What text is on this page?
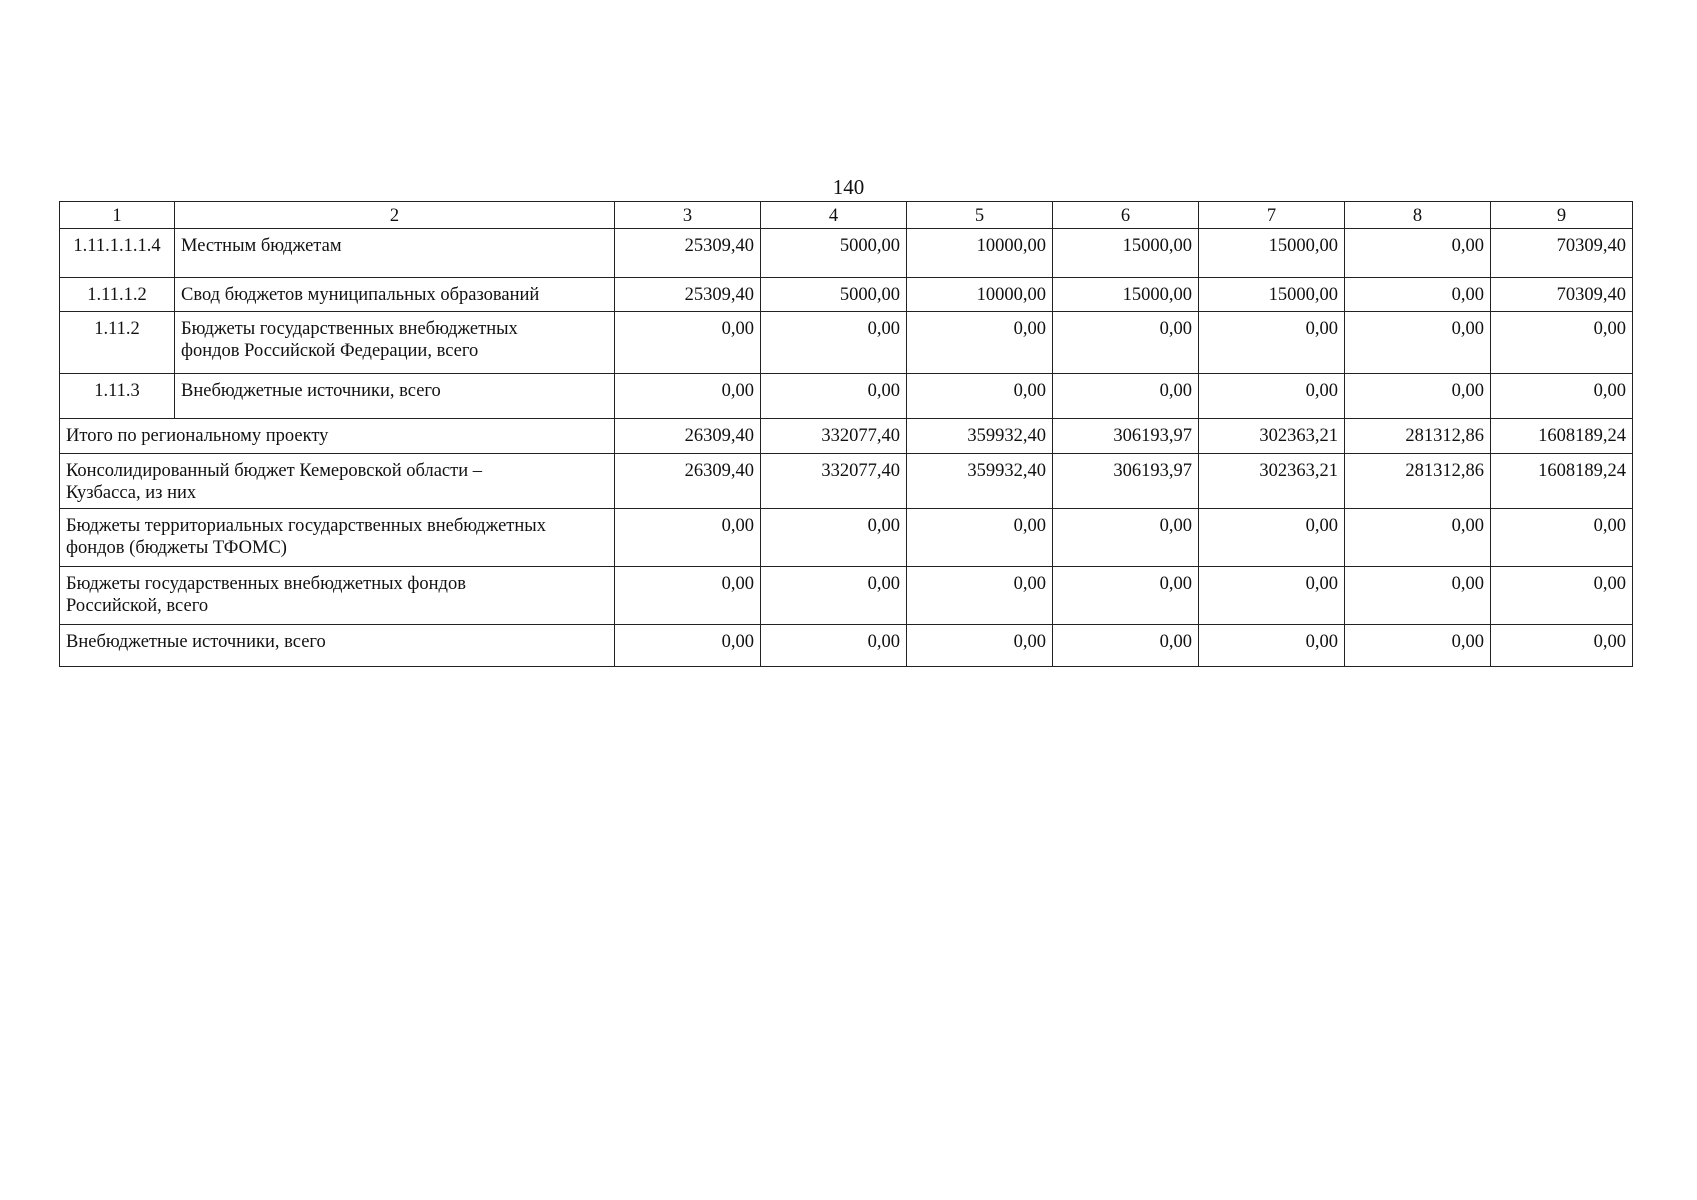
140
1	2	3	4	5	6	7	8	9
1.11.1.1.1.4	Местным бюджетам	25309,40	5000,00	10000,00	15000,00	15000,00	0,00	70309,40
1.11.1.2	Свод бюджетов муниципальных образований	25309,40	5000,00	10000,00	15000,00	15000,00	0,00	70309,40
1.11.2	Бюджеты государственных внебюджетных фондов Российской Федерации, всего	0,00	0,00	0,00	0,00	0,00	0,00	0,00
1.11.3	Внебюджетные источники, всего	0,00	0,00	0,00	0,00	0,00	0,00	0,00
Итого по региональному проекту		26309,40	332077,40	359932,40	306193,97	302363,21	281312,86	1608189,24
Консолидированный бюджет Кемеровской области – Кузбасса, из них		26309,40	332077,40	359932,40	306193,97	302363,21	281312,86	1608189,24
Бюджеты территориальных государственных внебюджетных фондов (бюджеты ТФОМС)		0,00	0,00	0,00	0,00	0,00	0,00	0,00
Бюджеты государственных внебюджетных фондов Российской, всего		0,00	0,00	0,00	0,00	0,00	0,00	0,00
Внебюджетные источники, всего		0,00	0,00	0,00	0,00	0,00	0,00	0,00
